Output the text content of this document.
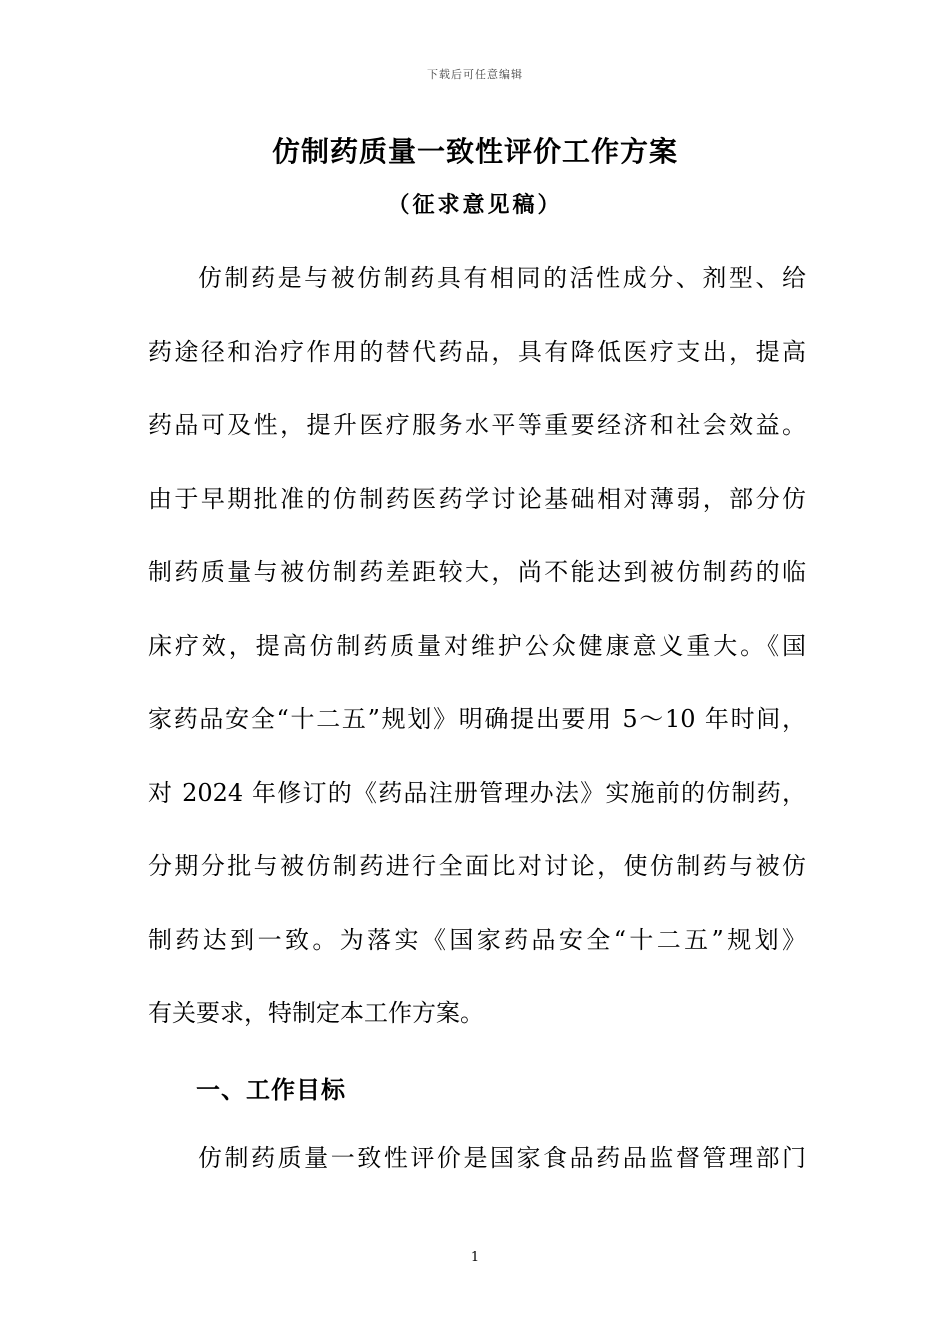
下载后可任意编辑
仿制药质量一致性评价工作方案
（征求意见稿）
仿制药是与被仿制药具有相同的活性成分、剂型、给
药途径和治疗作用的替代药品，具有降低医疗支出，提高
药品可及性，提升医疗服务水平等重要经济和社会效益。
由于早期批准的仿制药医药学讨论基础相对薄弱，部分仿
制药质量与被仿制药差距较大，尚不能达到被仿制药的临
床疗效，提高仿制药质量对维护公众健康意义重大。《国
家药品安全“十二五”规划》明确提出要用 5～10 年时间，
对 2024 年修订的《药品注册管理办法》实施前的仿制药，
分期分批与被仿制药进行全面比对讨论，使仿制药与被仿
制药达到一致。为落实《国家药品安全“十二五”规划》
有关要求，特制定本工作方案。
一、工作目标
仿制药质量一致性评价是国家食品药品监督管理部门
1
